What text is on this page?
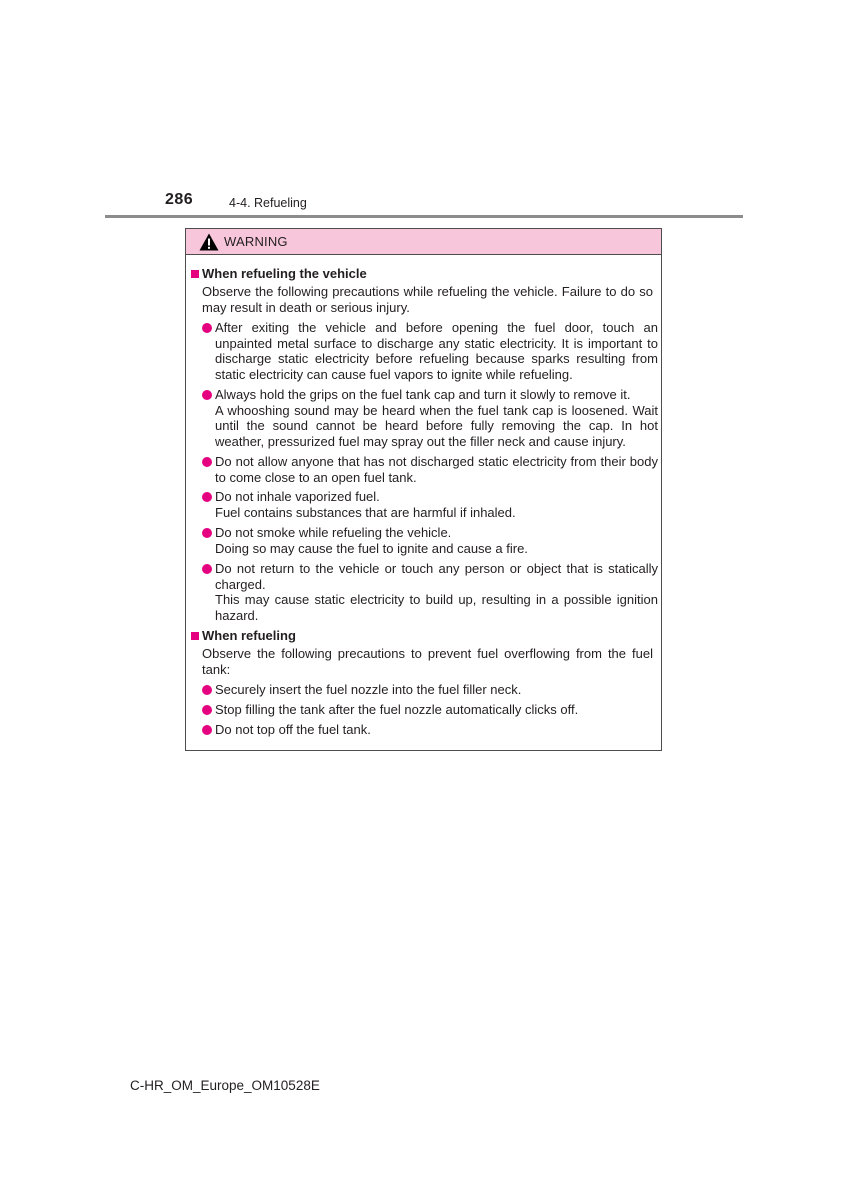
286	4-4. Refueling
WARNING
When refueling the vehicle
Observe the following precautions while refueling the vehicle. Failure to do so may result in death or serious injury.
After exiting the vehicle and before opening the fuel door, touch an unpainted metal surface to discharge any static electricity. It is important to discharge static electricity before refueling because sparks resulting from static electricity can cause fuel vapors to ignite while refueling.
Always hold the grips on the fuel tank cap and turn it slowly to remove it.
A whooshing sound may be heard when the fuel tank cap is loosened. Wait until the sound cannot be heard before fully removing the cap. In hot weather, pressurized fuel may spray out the filler neck and cause injury.
Do not allow anyone that has not discharged static electricity from their body to come close to an open fuel tank.
Do not inhale vaporized fuel.
Fuel contains substances that are harmful if inhaled.
Do not smoke while refueling the vehicle.
Doing so may cause the fuel to ignite and cause a fire.
Do not return to the vehicle or touch any person or object that is statically charged.
This may cause static electricity to build up, resulting in a possible ignition hazard.
When refueling
Observe the following precautions to prevent fuel overflowing from the fuel tank:
Securely insert the fuel nozzle into the fuel filler neck.
Stop filling the tank after the fuel nozzle automatically clicks off.
Do not top off the fuel tank.
C-HR_OM_Europe_OM10528E
